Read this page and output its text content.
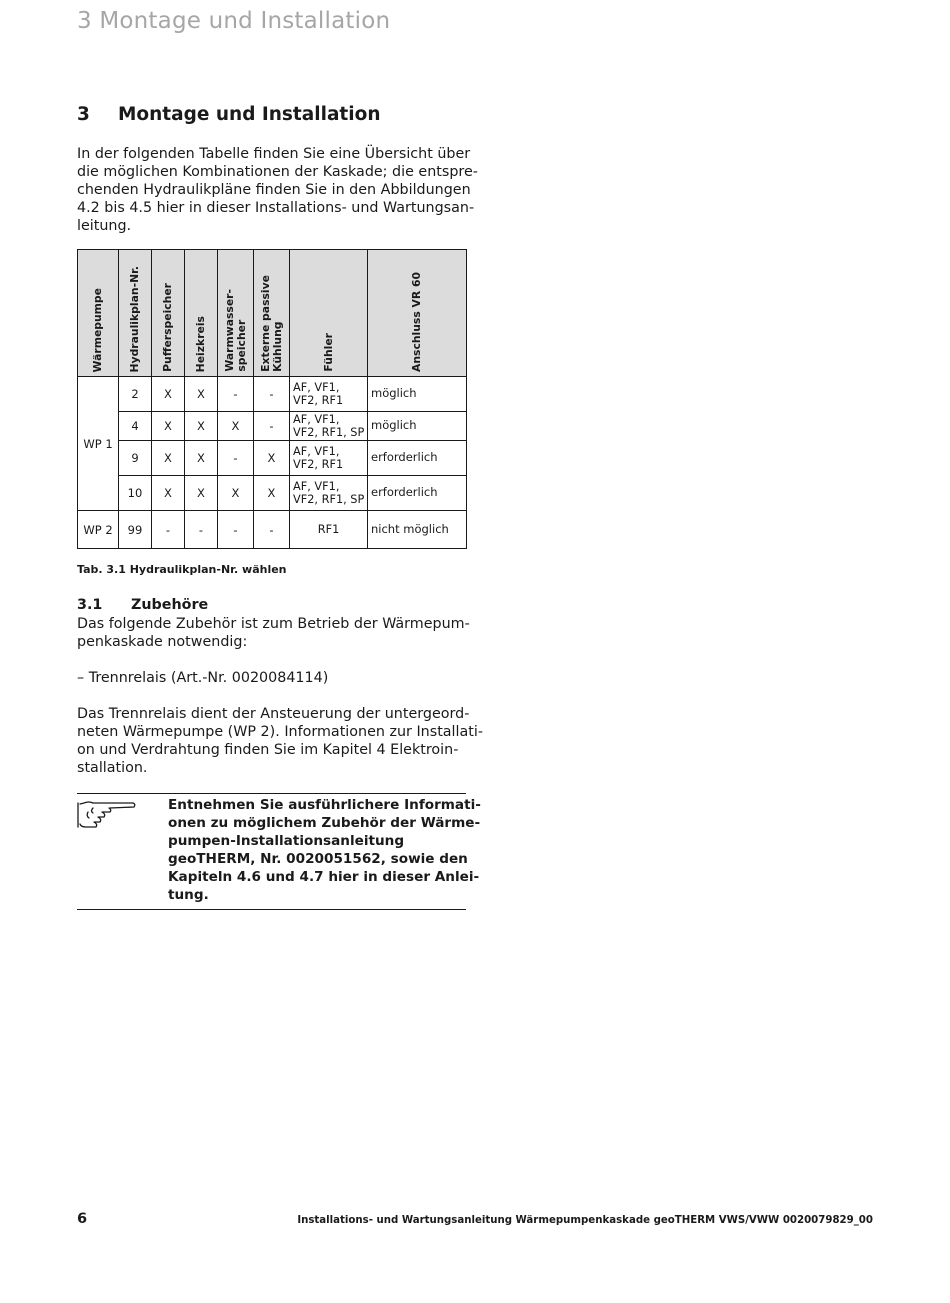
3 Montage und Installation
3 Montage und Installation

In der folgenden Tabelle finden Sie eine Übersicht über
die möglichen Kombinationen der Kaskade; die entspre-
chenden Hydraulikpläne finden Sie in den Abbildungen
4.2 bis 4.5 hier in dieser Installations- und Wartungsan-
leitung.

Wärmepumpe	Hydraulikplan-Nr.	Pufferspeicher	Heizkreis	Warmwasser- speicher	Externe passive Kühlung	Fühler	Anschluss VR 60

WP 1	2	X	X	-	-	AF, VF1,
VF2, RF1	möglich
	4	X	X	X	-	AF, VF1,
VF2, RF1, SP	möglich
	9	X	X	-	X	AF, VF1,
VF2, RF1	erforderlich
	10	X	X	X	X	AF, VF1,
VF2, RF1, SP	erforderlich
WP 2	99	-	-	-	-	RF1	nicht möglich
Tab. 3.1 Hydraulikplan-Nr. wählen
3.1 Zubehöre

Das folgende Zubehör ist zum Betrieb der Wärmepum-
penkaskade notwendig:

– Trennrelais (Art.-Nr. 0020084114)

Das Trennrelais dient der Ansteuerung der untergeord-
neten Wärmepumpe (WP 2). Informationen zur Installati-
on und Verdrahtung finden Sie im Kapitel 4 Elektroin-
stallation.

Entnehmen Sie ausführlichere Informati-
onen zu möglichem Zubehör der Wärme-
pumpen-Installationsanleitung
geoTHERM, Nr. 0020051562, sowie den
Kapiteln 4.6 und 4.7 hier in dieser Anlei-
tung.

6	Installations- und Wartungsanleitung Wärmepumpenkaskade geoTHERM VWS/VWW 0020079829_00
